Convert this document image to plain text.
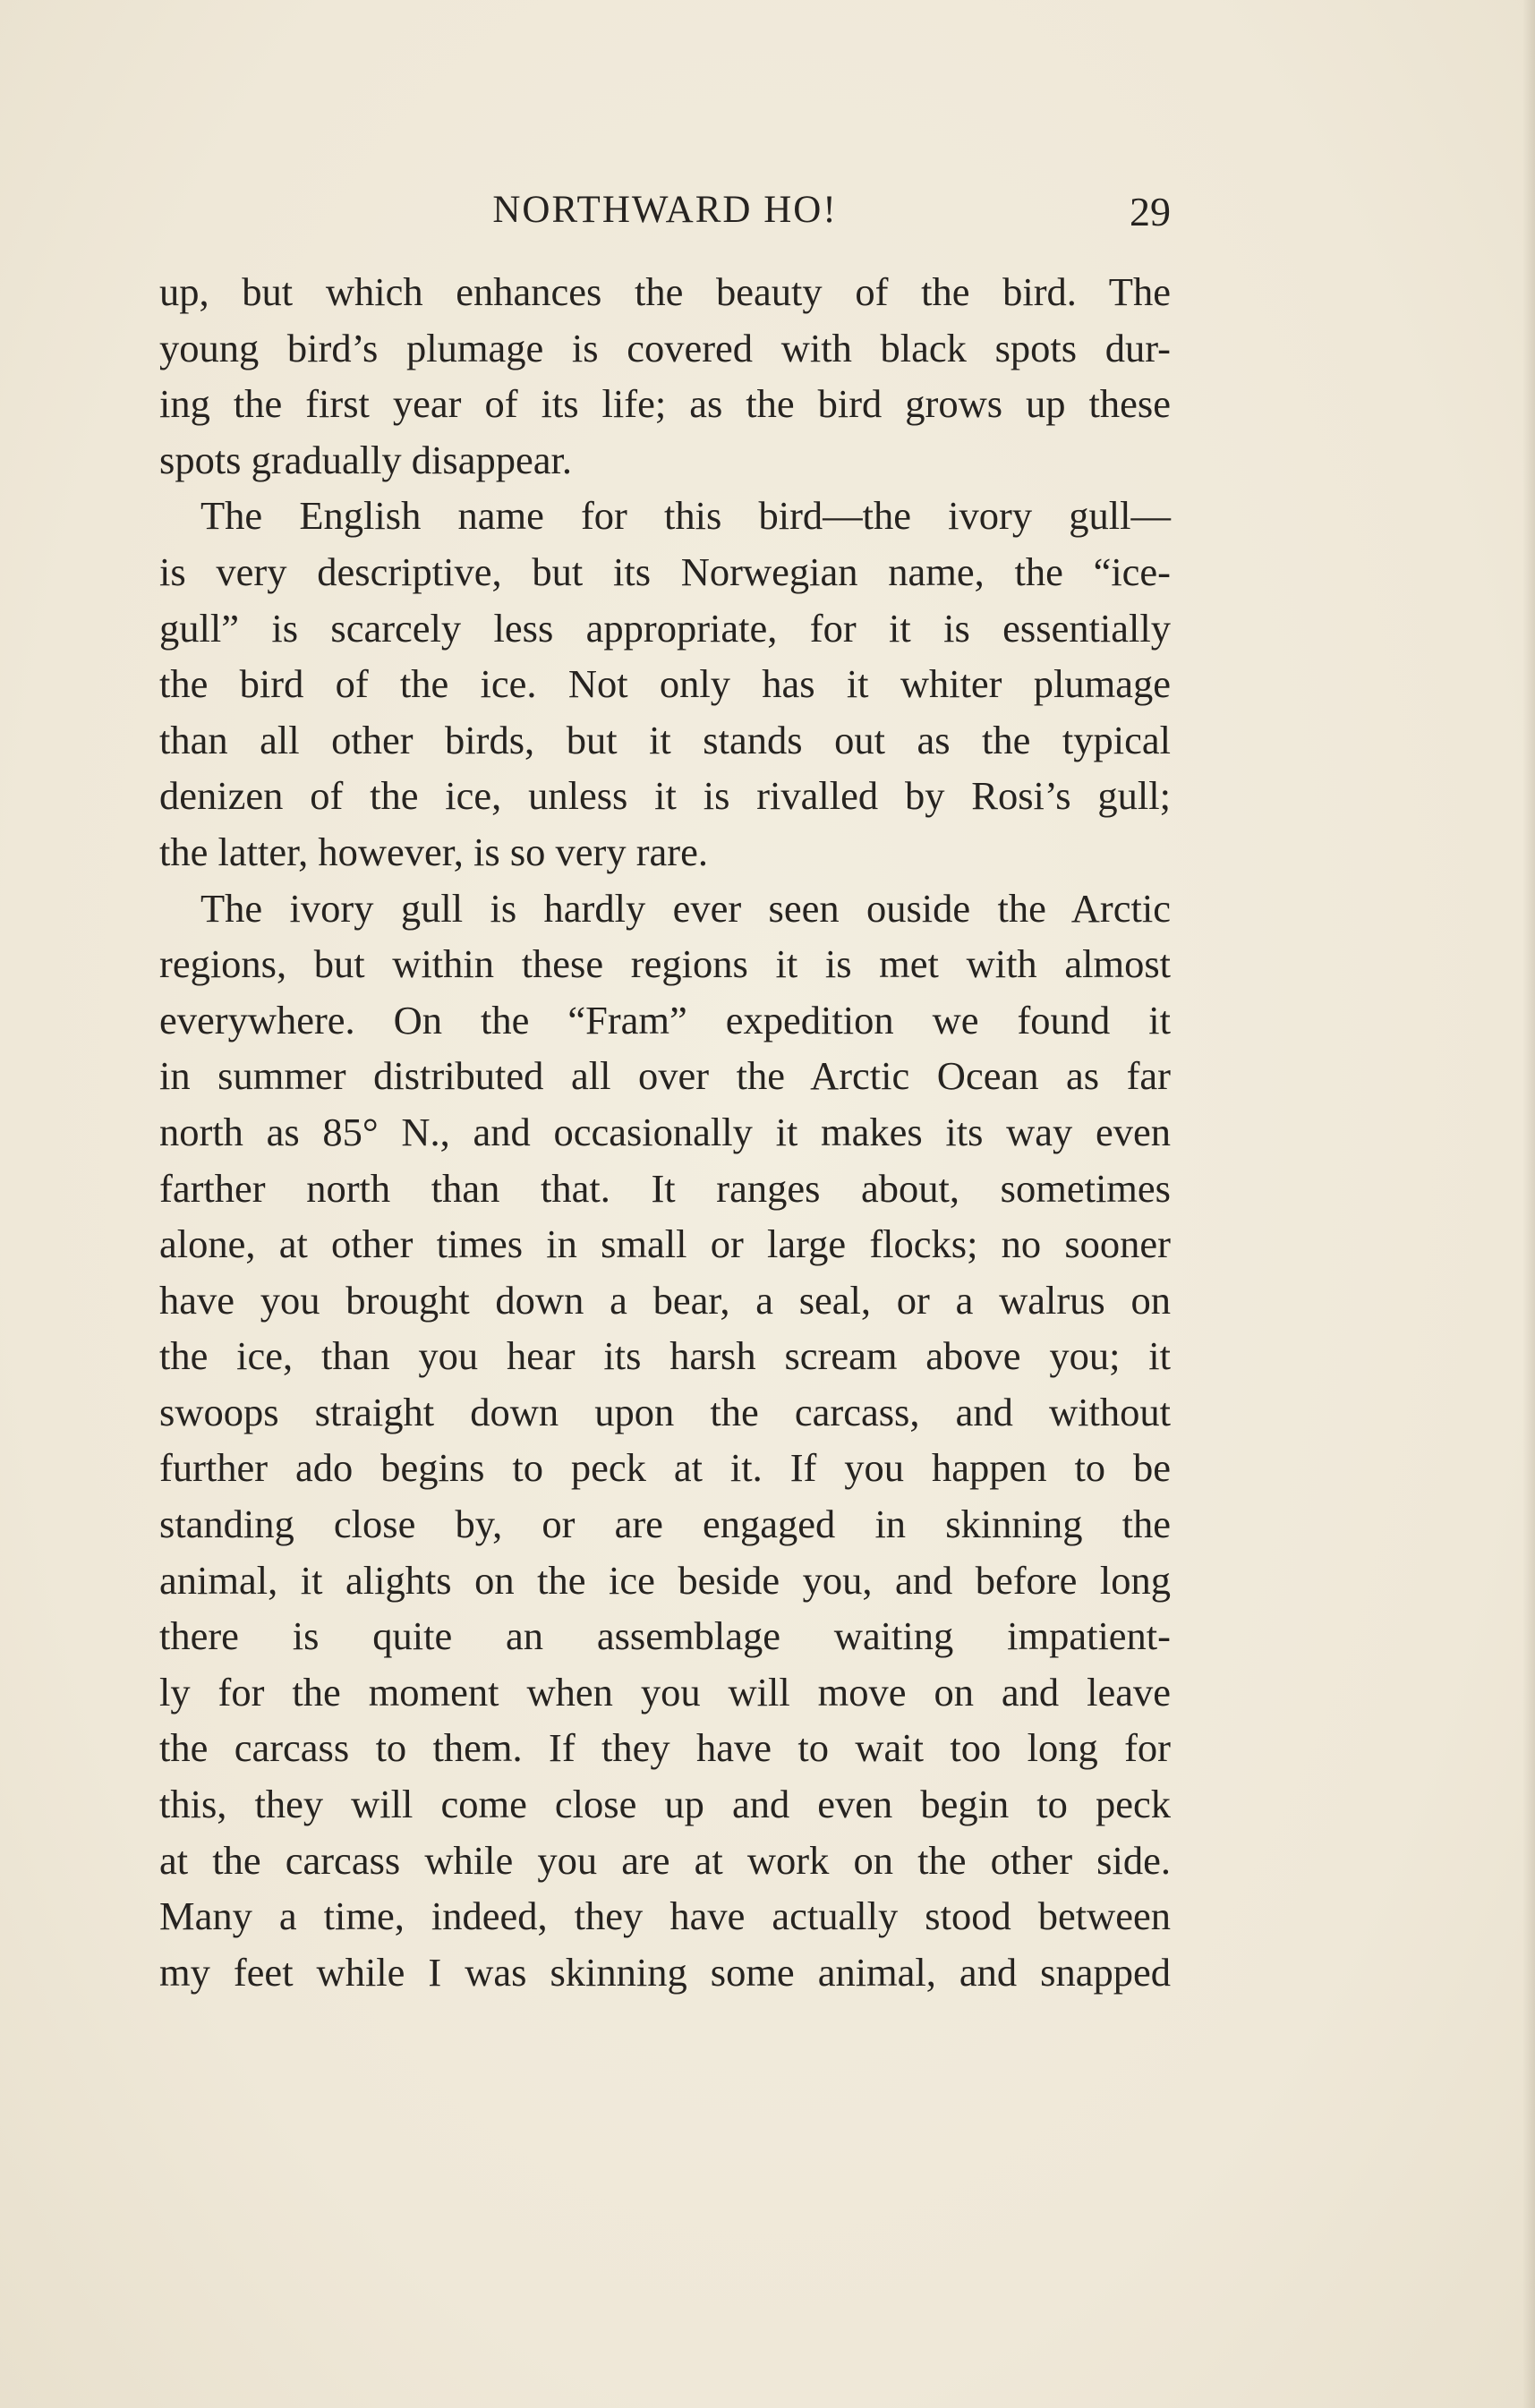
NORTHWARD HO!	29
up, but which enhances the beauty of the bird. The
young bird’s plumage is covered with black spots dur-
ing the first year of its life; as the bird grows up these
spots gradually disappear.
The English name for this bird—the ivory gull—
is very descriptive, but its Norwegian name, the “ice-
gull” is scarcely less appropriate, for it is essentially
the bird of the ice. Not only has it whiter plumage
than all other birds, but it stands out as the typical
denizen of the ice, unless it is rivalled by Rosi’s gull;
the latter, however, is so very rare.
The ivory gull is hardly ever seen ouside the Arctic
regions, but within these regions it is met with almost
everywhere. On the “Fram” expedition we found it
in summer distributed all over the Arctic Ocean as far
north as 85° N., and occasionally it makes its way even
farther north than that. It ranges about, sometimes
alone, at other times in small or large flocks; no sooner
have you brought down a bear, a seal, or a walrus on
the ice, than you hear its harsh scream above you; it
swoops straight down upon the carcass, and without
further ado begins to peck at it. If you happen to be
standing close by, or are engaged in skinning the
animal, it alights on the ice beside you, and before long
there is quite an assemblage waiting impatient-
ly for the moment when you will move on and leave
the carcass to them. If they have to wait too long for
this, they will come close up and even begin to peck
at the carcass while you are at work on the other side.
Many a time, indeed, they have actually stood between
my feet while I was skinning some animal, and snapped
